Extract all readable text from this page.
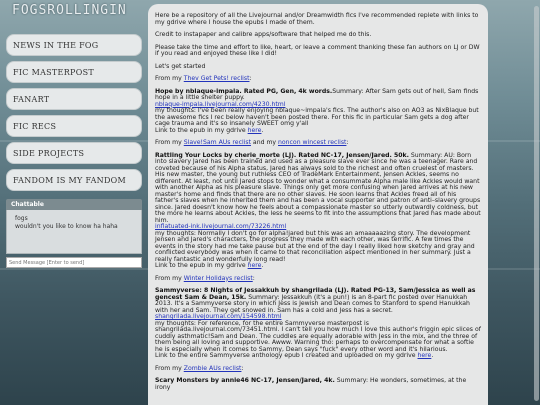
FOGSROLLINGIN
NEWS IN THE FOG
FIC MASTERPOST
FANART
FIC RECS
SIDE PROJECTS
FANDOM IS MY FANDOM
Chattable
fogs
wouldn't you like to know ha haha
Send Message [Enter to send]

Here be a repository of all the Livejournal and/or Dreamwidth fics I've recommended replete with links to my gdrive where I house the epubs I made of them.

Credit to instapaper and calibre apps/software that helped me do this.

Please take the time and effort to like, heart, or leave a comment thanking these fan authors on LJ or DW if you read and enjoyed these like I did!

Let's get started

From my Thev Get Pets! reclist:

Hope by nblaque-impala. Rated PG, Gen, 4k words.Summary: After Sam gets out of hell, Sam finds hope in a little shelter puppy.
nblaque-impala.livejournal.com/4230.html
my thoughts: I've been really enjoying nblaque~impala's fics. The author's also on AO3 as NixBlaque but the awesome fics I rec below haven't been posted there. For this fic in particular Sam gets a dog after cage trauma and it's so insanely SWEET omg y'all
Link to the epub in my gdrive here.

From my Slave!Sam AUs reclist and my noncon wincest reclist:

Rattling Your Locks by cherie_morte (LJ). Rated NC-17, Jensen/Jared. 50k. Summary: AU: Born into slavery Jared has been trained and used as a pleasure slave ever since he was a teenager. Rare and coveted because of his Alpha status, Jared has always sold to the richest and often cruelest of masters.
His new master, the young but ruthless CEO of TradeMark Entertainment, Jensen Ackles, seems no different. At least, not until Jared stops to wonder what a consummate Alpha male like Ackles would want with another Alpha as his pleasure slave. Things only get more confusing when Jared arrives at his new master's home and finds that there are no other slaves. He soon learns that Ackles freed all of his father's slaves when he inherited them and has been a vocal supporter and patron of anti–slavery groups since. Jared doesn't know how he feels about a compassionate master so utterly outwardly coldness, but the more he learns about Ackles, the less he seems to fit into the assumptions that Jared has made about him.
inflatuated-ink.livejournal.com/73226.html
my thoughts: Normally I don't go for alpha!jared but this was an amaaaaazing story. The development Jensen and Jared's characters, the progress they made with each other, was terrific. A few times the events in the story had me take pause but at the end of the day I really liked how sketchy and gray and conflicted everybody was when it came to that reconciliation aspect mentioned in her summary. Just a really fantastic and wonderfully long read!
Link to the epub in my gdrive here.

From my Winter Holidays reclist:

Sammyverse: 8 Nights of Jessakkuh by shangrilada (LJ). Rated PG-13, Sam/Jessica as well as gencest Sam & Dean, 15k. Summary: Jessakkuh (it's a pun!) is an 8-part fic posted over Hanukkah 2013. It's a Sammyverse story in which Jess is Jewish and Dean comes to Stanford to spend Hanukkah with her and Sam. They get snowed in. Sam has a cold and Jess has a secret.
shangrilada.livejournal.com/154598.html
my thoughts: For reference, for the entire Sammyverse masterpost is shangrilada.livejournal.com/73451.html. I can't tell you how much I love this author's friggin epic slices of cuddly asthmatic!Sam and Dean. The cuddles are equally adorable with Jess in the mix, and the three of them being all loving and supportive. Awww. Warning tho: perhaps to overcompensate for what a softie he is especially when it comes to Sammy, Dean says "fuck" every other word and it's hilarious.
Link to the entire Sammyverse anthology epub I created and uploaded on my gdrive here.

From my Zombie AUs reclist:

Scary Monsters by annie46 NC-17, Jensen/Jared, 4k. Summary: He wonders, sometimes, at the irony
